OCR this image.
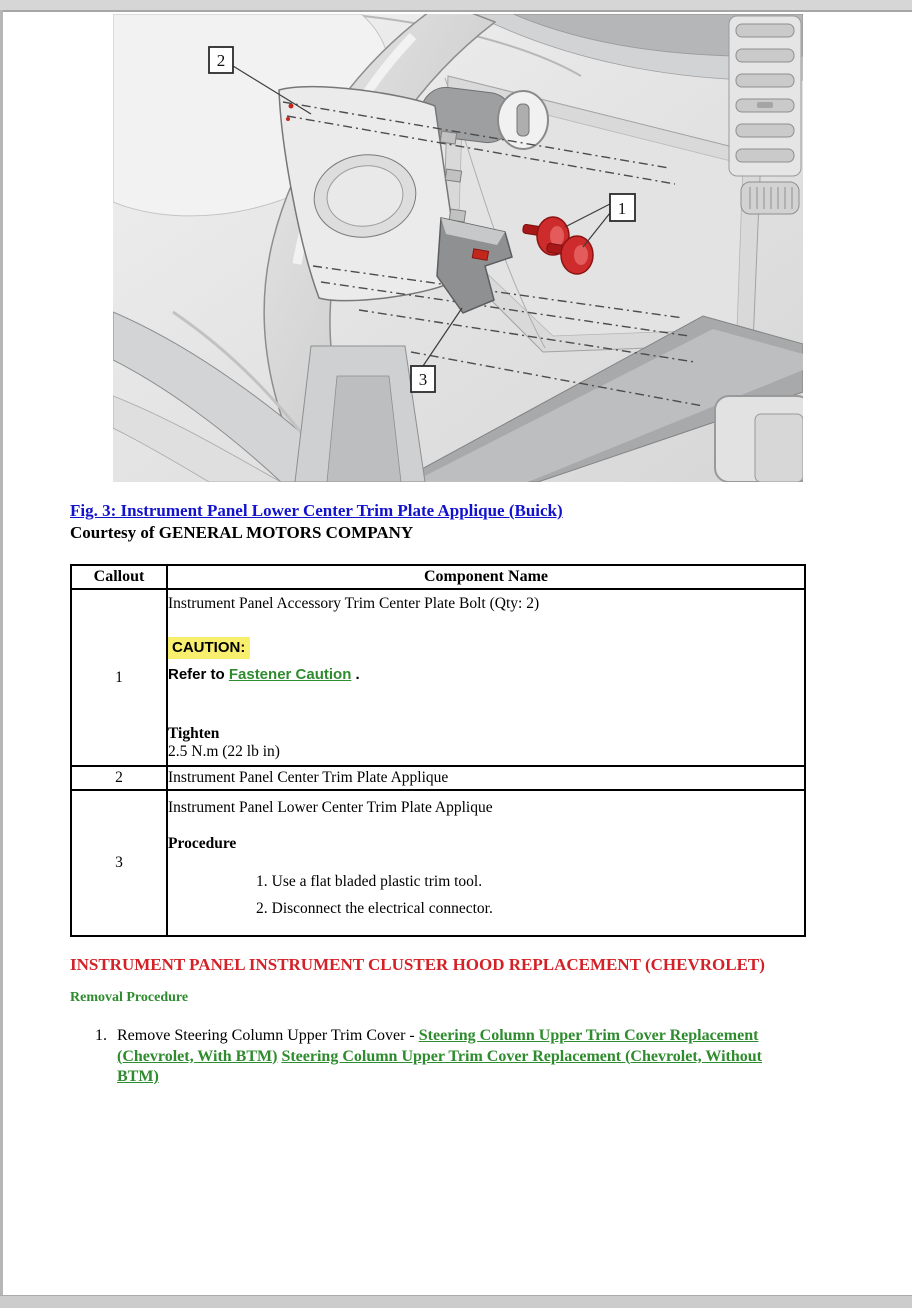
2
1
3
Fig. 3: Instrument Panel Lower Center Trim Plate Applique (Buick)
Courtesy of GENERAL MOTORS COMPANY
Callout	Component Name
1	Instrument Panel Accessory Trim Center Plate Bolt (Qty: 2)
CAUTION:
Refer to Fastener Caution .
Tighten
2.5 N.m (22 lb in)

2	Instrument Panel Center Trim Plate Applique
3	Instrument Panel Lower Center Trim Plate Applique
Procedure
1. Use a flat bladed plastic trim tool.
2. Disconnect the electrical connector.
INSTRUMENT PANEL INSTRUMENT CLUSTER HOOD REPLACEMENT (CHEVROLET)
Removal Procedure
1. Remove Steering Column Upper Trim Cover - Steering Column Upper Trim Cover Replacement (Chevrolet, With BTM) Steering Column Upper Trim Cover Replacement (Chevrolet, Without BTM)
